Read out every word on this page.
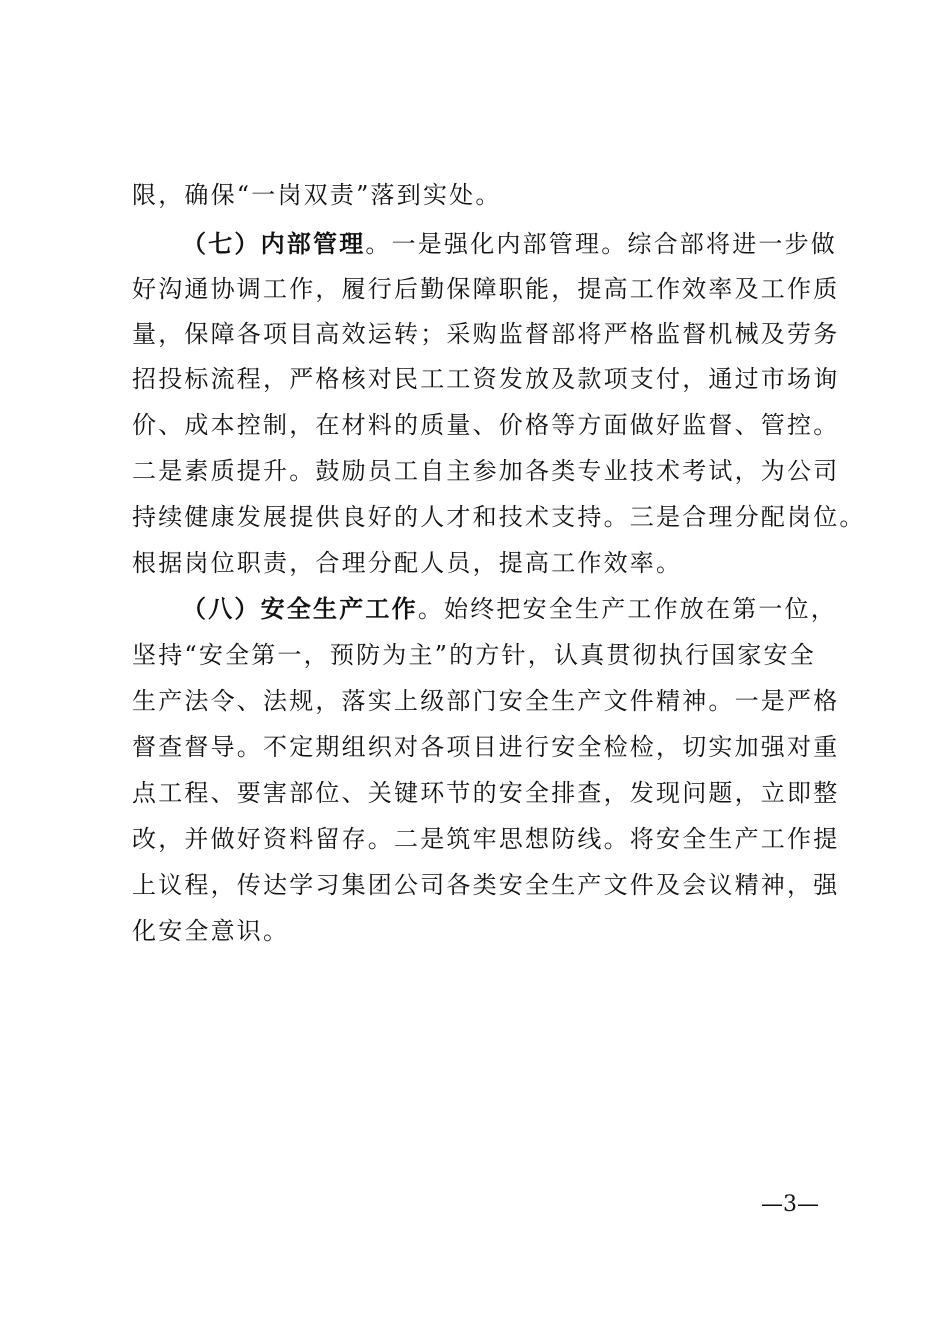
限，确保“一岗双责”落到实处。
（七）内部管理。一是强化内部管理。综合部将进一步做
好沟通协调工作，履行后勤保障职能，提高工作效率及工作质
量，保障各项目高效运转；采购监督部将严格监督机械及劳务
招投标流程，严格核对民工工资发放及款项支付，通过市场询
价、成本控制，在材料的质量、价格等方面做好监督、管控。
二是素质提升。鼓励员工自主参加各类专业技术考试，为公司
持续健康发展提供良好的人才和技术支持。三是合理分配岗位。
根据岗位职责，合理分配人员，提高工作效率。
（八）安全生产工作。始终把安全生产工作放在第一位，
坚持“安全第一，预防为主”的方针，认真贯彻执行国家安全
生产法令、法规，落实上级部门安全生产文件精神。一是严格
督查督导。不定期组织对各项目进行安全检检，切实加强对重
点工程、要害部位、关键环节的安全排查，发现问题，立即整
改，并做好资料留存。二是筑牢思想防线。将安全生产工作提
上议程，传达学习集团公司各类安全生产文件及会议精神，强
化安全意识。
—3—
